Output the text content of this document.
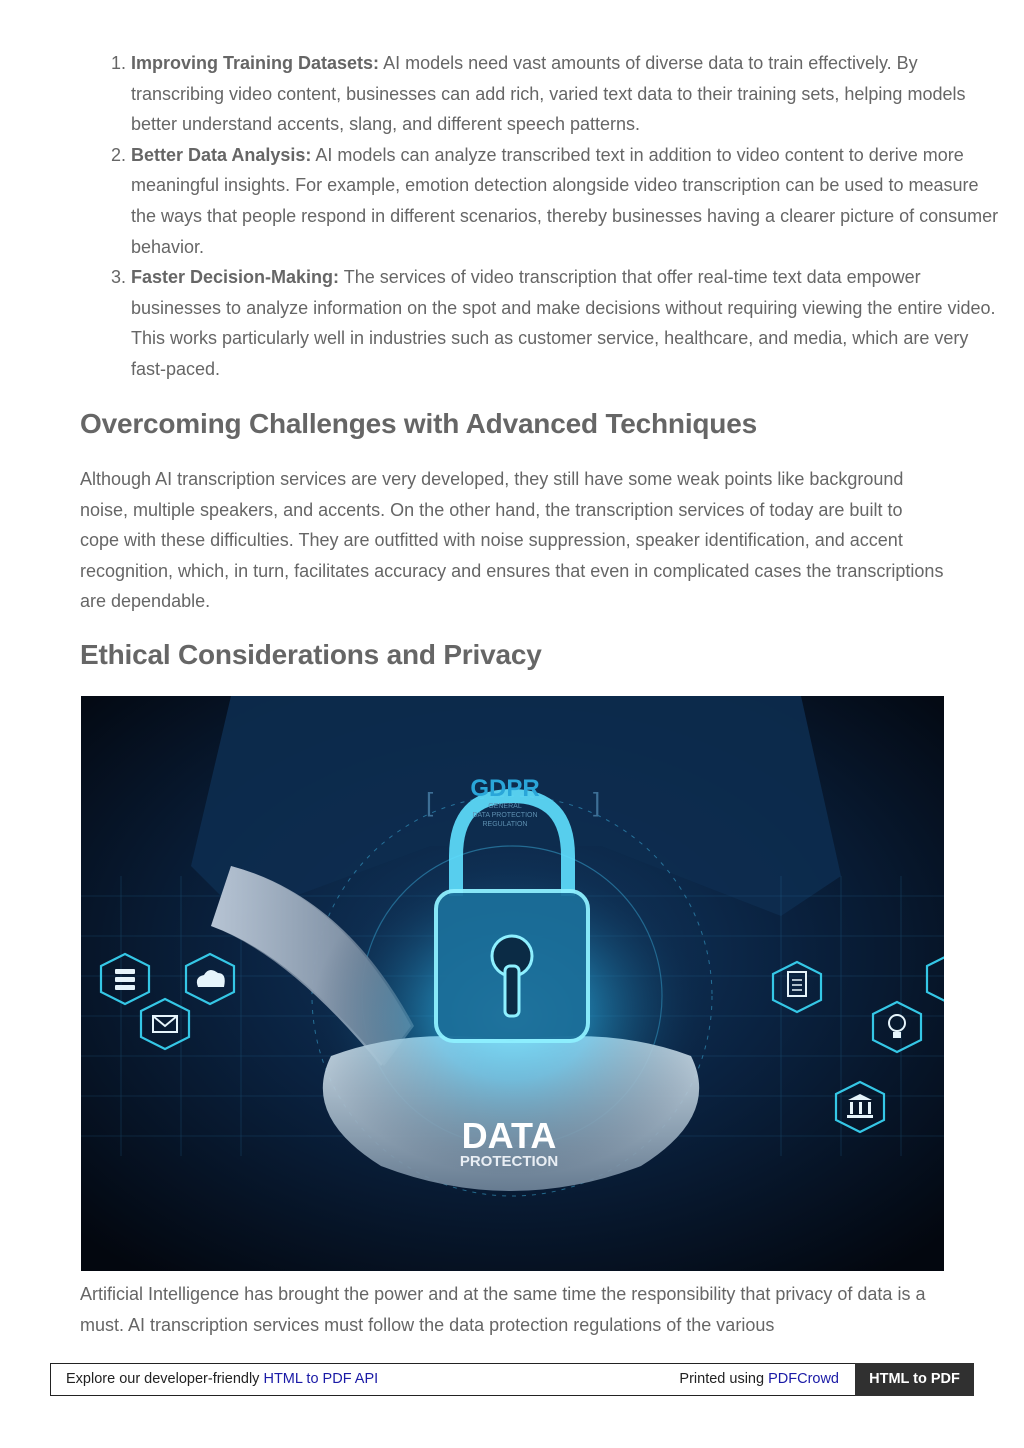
1. Improving Training Datasets: AI models need vast amounts of diverse data to train effectively. By transcribing video content, businesses can add rich, varied text data to their training sets, helping models better understand accents, slang, and different speech patterns.
2. Better Data Analysis: AI models can analyze transcribed text in addition to video content to derive more meaningful insights. For example, emotion detection alongside video transcription can be used to measure the ways that people respond in different scenarios, thereby businesses having a clearer picture of consumer behavior.
3. Faster Decision-Making: The services of video transcription that offer real-time text data empower businesses to analyze information on the spot and make decisions without requiring viewing the entire video. This works particularly well in industries such as customer service, healthcare, and media, which are very fast-paced.
Overcoming Challenges with Advanced Techniques

Although AI transcription services are very developed, they still have some weak points like background noise, multiple speakers, and accents. On the other hand, the transcription services of today are built to cope with these difficulties. They are outfitted with noise suppression, speaker identification, and accent recognition, which, in turn, facilitates accuracy and ensures that even in complicated cases the transcriptions are dependable.

Ethical Considerations and Privacy
GDPR
GENERAL
DATA PROTECTION
REGULATION
[	]
DATA
PROTECTION

Artificial Intelligence has brought the power and at the same time the responsibility that privacy of data is a must. AI transcription services must follow the data protection regulations of the various

Explore our developer-friendly HTML to PDF API	Printed using PDFCrowd	HTML to PDF
